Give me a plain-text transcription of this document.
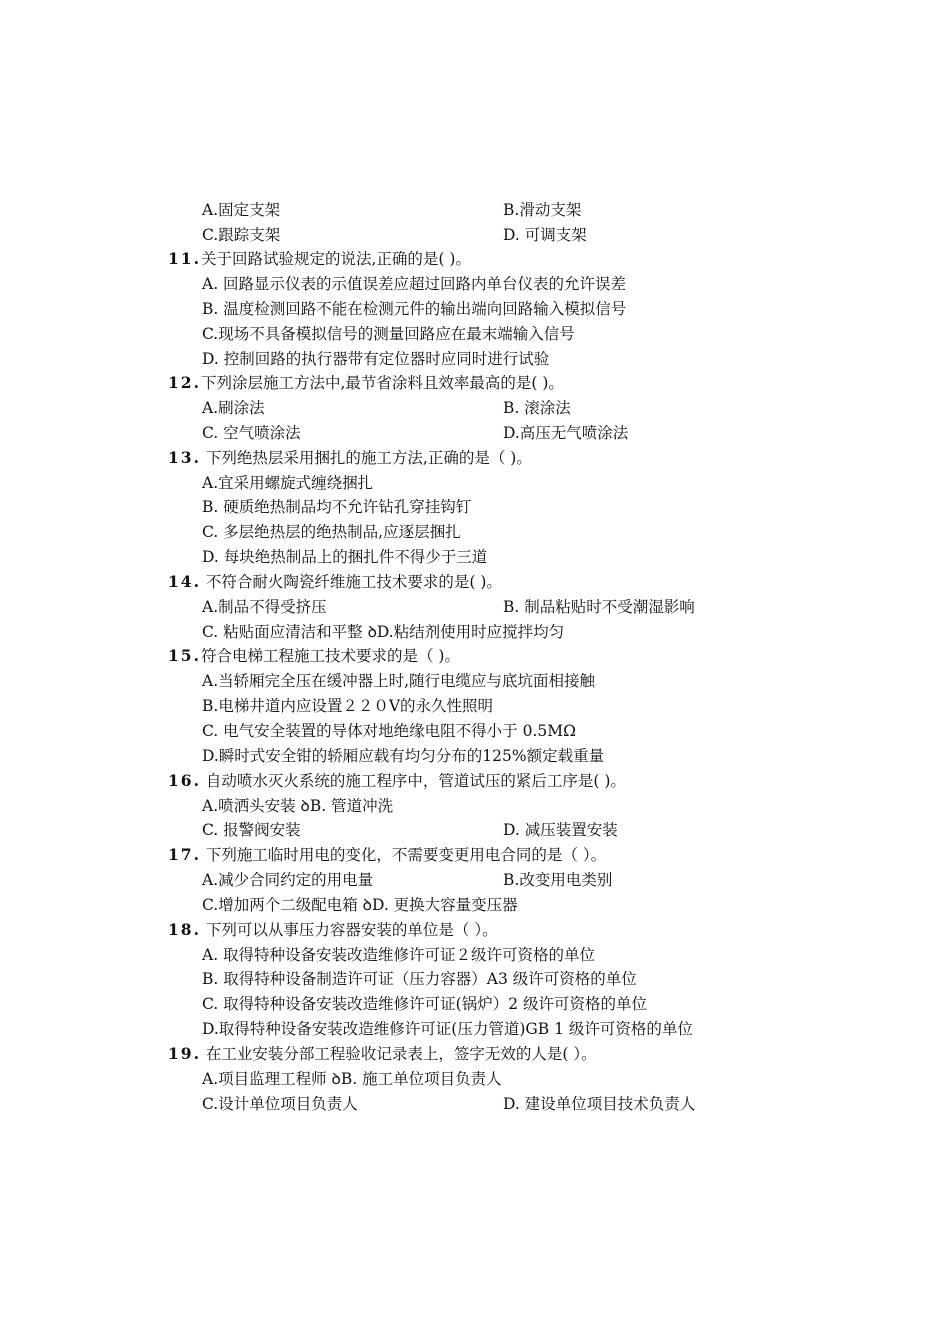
A.固定支架	B.滑动支架
C.跟踪支架	D. 可调支架
11.关于回路试验规定的说法,正确的是( )。
A. 回路显示仪表的示值误差应超过回路内单台仪表的允许误差
B. 温度检测回路不能在检测元件的输出端向回路输入模拟信号
C.现场不具备模拟信号的测量回路应在最末端输入信号
D. 控制回路的执行器带有定位器时应同时进行试验
12.下列涂层施工方法中,最节省涂料且效率最高的是( )。
A.刷涂法	B. 滚涂法
C. 空气喷涂法	D.高压无气喷涂法
13. 下列绝热层采用捆扎的施工方法,正确的是（ )。
A.宜采用螺旋式缠绕捆扎
B. 硬质绝热制品均不允许钻孔穿挂钩钉
C. 多层绝热层的绝热制品,应逐层捆扎
D. 每块绝热制品上的捆扎件不得少于三道
14. 不符合耐火陶瓷纤维施工技术要求的是( )。
A.制品不得受挤压	B. 制品粘贴时不受潮湿影响
C. 粘贴面应清洁和平整 ꝺD.粘结剂使用时应搅拌均匀
15.符合电梯工程施工技术要求的是（ )。
A.当轿厢完全压在缓冲器上时,随行电缆应与底坑面相接触
B.电梯井道内应设置２２０V的永久性照明
C. 电气安全装置的导体对地绝缘电阻不得小于 0.5MΩ
D.瞬时式安全钳的轿厢应载有均匀分布的125%额定载重量
16. 自动喷水灭火系统的施工程序中，管道试压的紧后工序是( )。
A.喷洒头安装 ꝺB. 管道冲洗
C. 报警阀安装	D. 减压装置安装
17. 下列施工临时用电的变化，不需要变更用电合同的是（ ）。
A.减少合同约定的用电量	B.改变用电类别
C.增加两个二级配电箱 ꝺD. 更换大容量变压器
18. 下列可以从事压力容器安装的单位是（ ）。
A. 取得特种设备安装改造维修许可证２级许可资格的单位
B. 取得特种设备制造许可证（压力容器）A3 级许可资格的单位
C. 取得特种设备安装改造维修许可证(锅炉）2 级许可资格的单位
D.取得特种设备安装改造维修许可证(压力管道)GB 1 级许可资格的单位
19. 在工业安装分部工程验收记录表上，签字无效的人是( ）。
A.项目监理工程师 ꝺB. 施工单位项目负责人
C.设计单位项目负责人	D. 建设单位项目技术负责人
